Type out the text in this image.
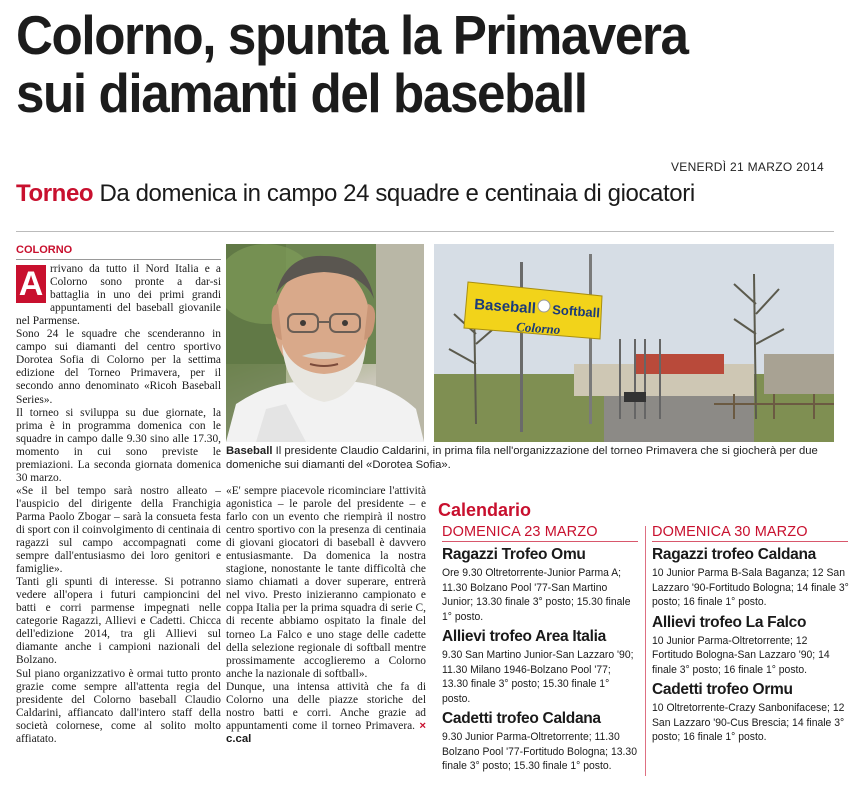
Colorno, spunta la Primavera
sui diamanti del baseball
VENERDÌ 21 MARZO 2014
Torneo Da domenica in campo 24 squadre e centinaia di giocatori
COLORNO
A rrivano da tutto il Nord Italia e a Colorno sono pronte a dar-si battaglia in uno dei primi grandi appuntamenti del baseball giovanile nel Parmense.

Sono 24 le squadre che scenderanno in campo sui diamanti del centro sportivo Dorotea Sofia di Colorno per la settima edizione del Torneo Primavera, per il secondo anno denominato «Ricoh Baseball Series».

Il torneo si sviluppa su due giornate, la prima è in programma domenica con le squadre in campo dalle 9.30 sino alle 17.30, momento in cui sono previste le premiazioni. La seconda giornata domenica 30 marzo.

«Se il bel tempo sarà nostro alleato – l'auspicio del dirigente della Franchigia Parma Paolo Zbogar – sarà la consueta festa di sport con il coinvolgimento di centinaia di ragazzi sul campo accompagnati come sempre dall'entusiasmo dei loro genitori e famiglie».

Tanti gli spunti di interesse. Si potranno vedere all'opera i futuri campioncini del batti e corri parmense impegnati nelle categorie Ragazzi, Allievi e Cadetti. Chicca dell'edizione 2014, tra gli Allievi sul diamante anche i campioni nazionali del Bolzano.

Sul piano organizzativo è ormai tutto pronto grazie come sempre all'attenta regia del presidente del Colorno baseball Claudio Caldarini, affiancato dall'intero staff della società colornese, come al solito molto affiatato.

Baseball Softball
Colorno
Baseball Il presidente Claudio Caldarini, in prima fila nell'organizzazione del torneo Primavera che si giocherà per due domeniche sui diamanti del «Dorotea Sofia».

«E' sempre piacevole ricominciare l'attività agonistica – le parole del presidente – e farlo con un evento che riempirà il nostro centro sportivo con la presenza di centinaia di giovani giocatori di baseball è davvero entusiasmante. Da domenica la nostra stagione, nonostante le tante difficoltà che siamo chiamati a dover superare, entrerà nel vivo. Presto inizieranno campionato e coppa Italia per la prima squadra di serie C, di recente abbiamo ospitato la finale del torneo La Falco e uno stage delle cadette della selezione regionale di softball mentre prossimamente accoglieremo a Colorno anche la nazionale di softball».

Dunque, una intensa attività che fa di Colorno una delle piazze storiche del nostro batti e corri. Anche grazie ad appuntamenti come il torneo Primavera. × c.cal

Calendario
DOMENICA 23 MARZO
Ragazzi Trofeo Omu
Ore 9.30 Oltretorrente-Junior Parma A; 11.30 Bolzano Pool '77-San Martino Junior; 13.30 finale 3° posto; 15.30 finale 1° posto.
Allievi trofeo Area Italia
9.30 San Martino Junior-San Lazzaro '90; 11.30 Milano 1946-Bolzano Pool '77; 13.30 finale 3° posto; 15.30 finale 1° posto.
Cadetti trofeo Caldana
9.30 Junior Parma-Oltretorrente; 11.30 Bolzano Pool '77-Fortitudo Bologna; 13.30 finale 3° posto; 15.30 finale 1° posto.
DOMENICA 30 MARZO
Ragazzi trofeo Caldana
10 Junior Parma B-Sala Baganza; 12 San Lazzaro '90-Fortitudo Bologna; 14 finale 3° posto; 16 finale 1° posto.
Allievi trofeo La Falco
10 Junior Parma-Oltretorrente; 12 Fortitudo Bologna-San Lazzaro '90; 14 finale 3° posto; 16 finale 1° posto.
Cadetti trofeo Ormu
10 Oltretorrente-Crazy Sanbonifacese; 12 San Lazzaro '90-Cus Brescia; 14 finale 3° posto; 16 finale 1° posto.
